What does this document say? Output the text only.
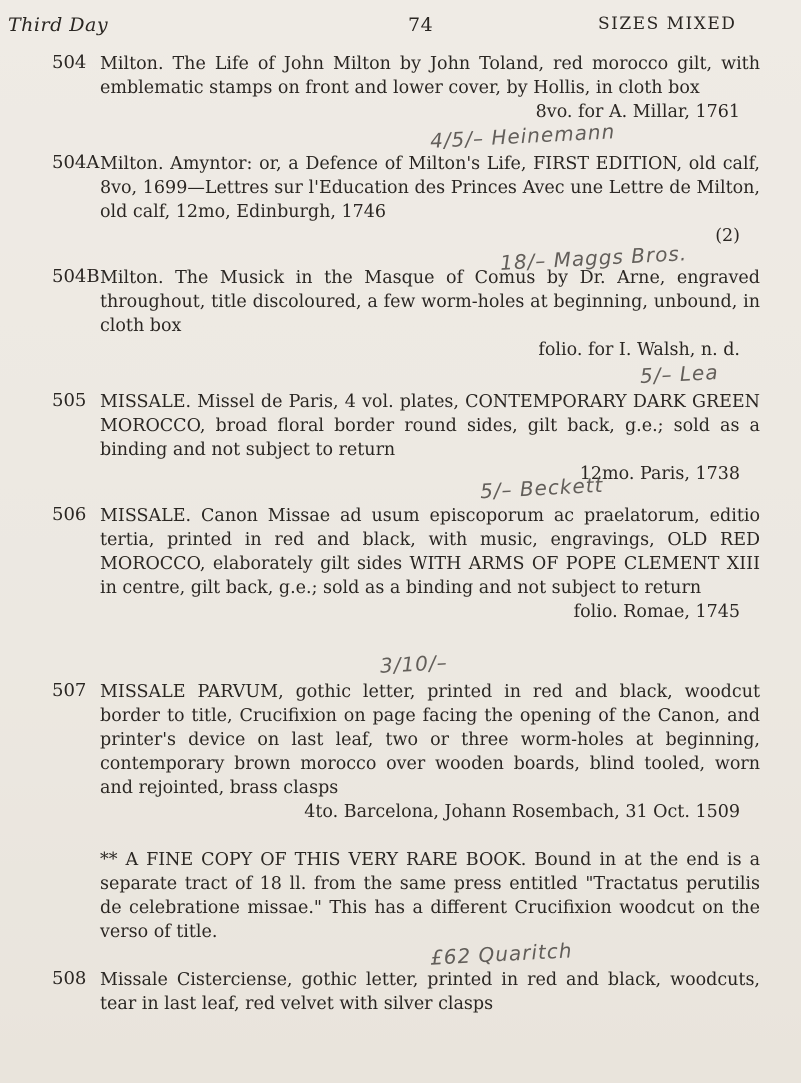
Third Day	74	SIZES MIXED
504 Milton. The Life of John Milton by John Toland, red morocco gilt, with emblematic stamps on front and lower cover, by Hollis, in cloth box
8vo. for A. Millar, 1761
4/5/– Heinemann
504A Milton. Amyntor: or, a Defence of Milton's Life, FIRST EDITION, old calf, 8vo, 1699—Lettres sur l'Education des Princes Avec une Lettre de Milton, old calf, 12mo, Edinburgh, 1746
(2)
18/– Maggs Bros.
504B Milton. The Musick in the Masque of Comus by Dr. Arne, engraved throughout, title discoloured, a few worm-holes at beginning, unbound, in cloth box
folio. for I. Walsh, n. d.
5/– Lea
505 MISSALE. Missel de Paris, 4 vol. plates, CONTEMPORARY DARK GREEN MOROCCO, broad floral border round sides, gilt back, g.e.; sold as a binding and not subject to return
12mo. Paris, 1738
5/– Beckett
506 MISSALE. Canon Missae ad usum episcoporum ac praelatorum, editio tertia, printed in red and black, with music, engravings, OLD RED MOROCCO, elaborately gilt sides WITH ARMS OF POPE CLEMENT XIII in centre, gilt back, g.e.; sold as a binding and not subject to return
folio. Romae, 1745
3/10/–
507 MISSALE PARVUM, gothic letter, printed in red and black, woodcut border to title, Crucifixion on page facing the opening of the Canon, and printer's device on last leaf, two or three worm-holes at beginning, contemporary brown morocco over wooden boards, blind tooled, worn and rejointed, brass clasps
4to. Barcelona, Johann Rosembach, 31 Oct. 1509
** A FINE COPY OF THIS VERY RARE BOOK. Bound in at the end is a separate tract of 18 ll. from the same press entitled "Tractatus perutilis de celebratione missae." This has a different Crucifixion woodcut on the verso of title.
£62 Quaritch
508 Missale Cisterciense, gothic letter, printed in red and black, woodcuts, tear in last leaf, red velvet with silver clasps
